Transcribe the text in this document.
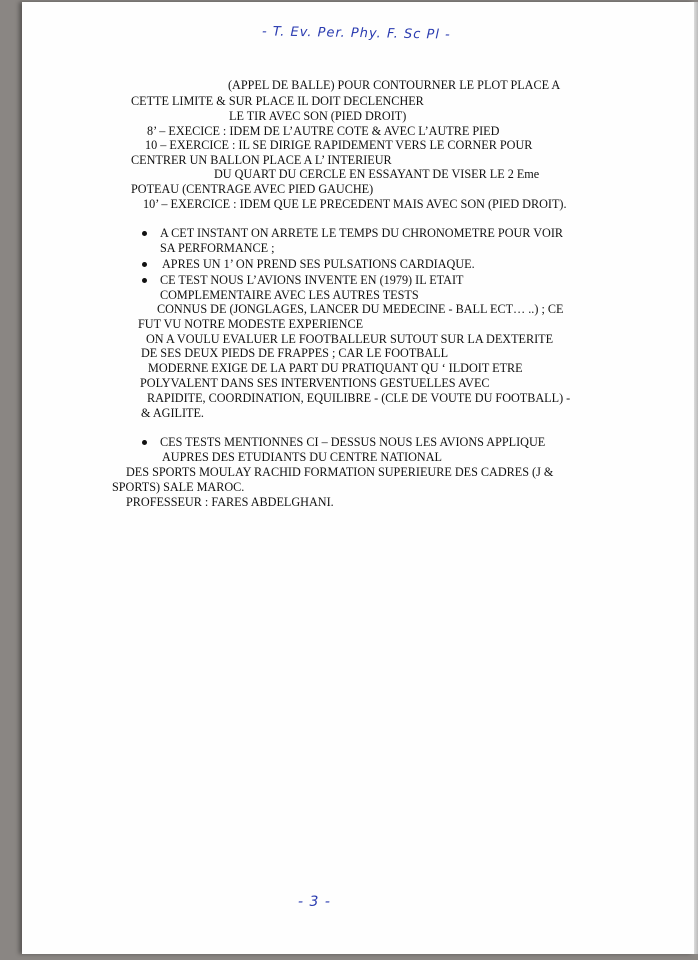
- T. Ev. Per. Phy. F. Sc Pl -
(APPEL DE BALLE) POUR CONTOURNER LE PLOT PLACE A
CETTE LIMITE & SUR PLACE IL DOIT DECLENCHER
LE TIR AVEC SON (PIED DROIT)
8’ – EXECICE : IDEM DE L’AUTRE COTE & AVEC L’AUTRE PIED
10 – EXERCICE : IL SE DIRIGE RAPIDEMENT VERS LE CORNER POUR
CENTRER UN BALLON PLACE A L’ INTERIEUR
DU QUART DU CERCLE EN ESSAYANT DE VISER LE 2 Eme
POTEAU (CENTRAGE AVEC PIED GAUCHE)
10’ – EXERCICE : IDEM QUE LE PRECEDENT MAIS AVEC SON (PIED DROIT).
A CET INSTANT ON ARRETE LE TEMPS DU CHRONOMETRE POUR VOIR
SA PERFORMANCE ;
APRES UN 1’ ON PREND SES PULSATIONS CARDIAQUE.
CE TEST NOUS L’AVIONS INVENTE EN (1979) IL ETAIT
COMPLEMENTAIRE AVEC LES AUTRES TESTS
CONNUS DE (JONGLAGES, LANCER DU MEDECINE - BALL ECT… ..) ; CE
FUT VU NOTRE MODESTE EXPERIENCE
ON A VOULU EVALUER LE FOOTBALLEUR SUTOUT SUR LA DEXTERITE
DE SES DEUX PIEDS DE FRAPPES ; CAR LE FOOTBALL
MODERNE EXIGE DE LA PART DU PRATIQUANT QU ‘ ILDOIT ETRE
POLYVALENT DANS SES INTERVENTIONS GESTUELLES AVEC
RAPIDITE, COORDINATION, EQUILIBRE - (CLE DE VOUTE DU FOOTBALL) -
& AGILITE.
CES TESTS MENTIONNES CI – DESSUS NOUS LES AVIONS APPLIQUE
AUPRES DES ETUDIANTS DU CENTRE NATIONAL
DES SPORTS MOULAY RACHID FORMATION SUPERIEURE DES CADRES (J &
SPORTS) SALE MAROC.
PROFESSEUR : FARES ABDELGHANI.
- 3 -
